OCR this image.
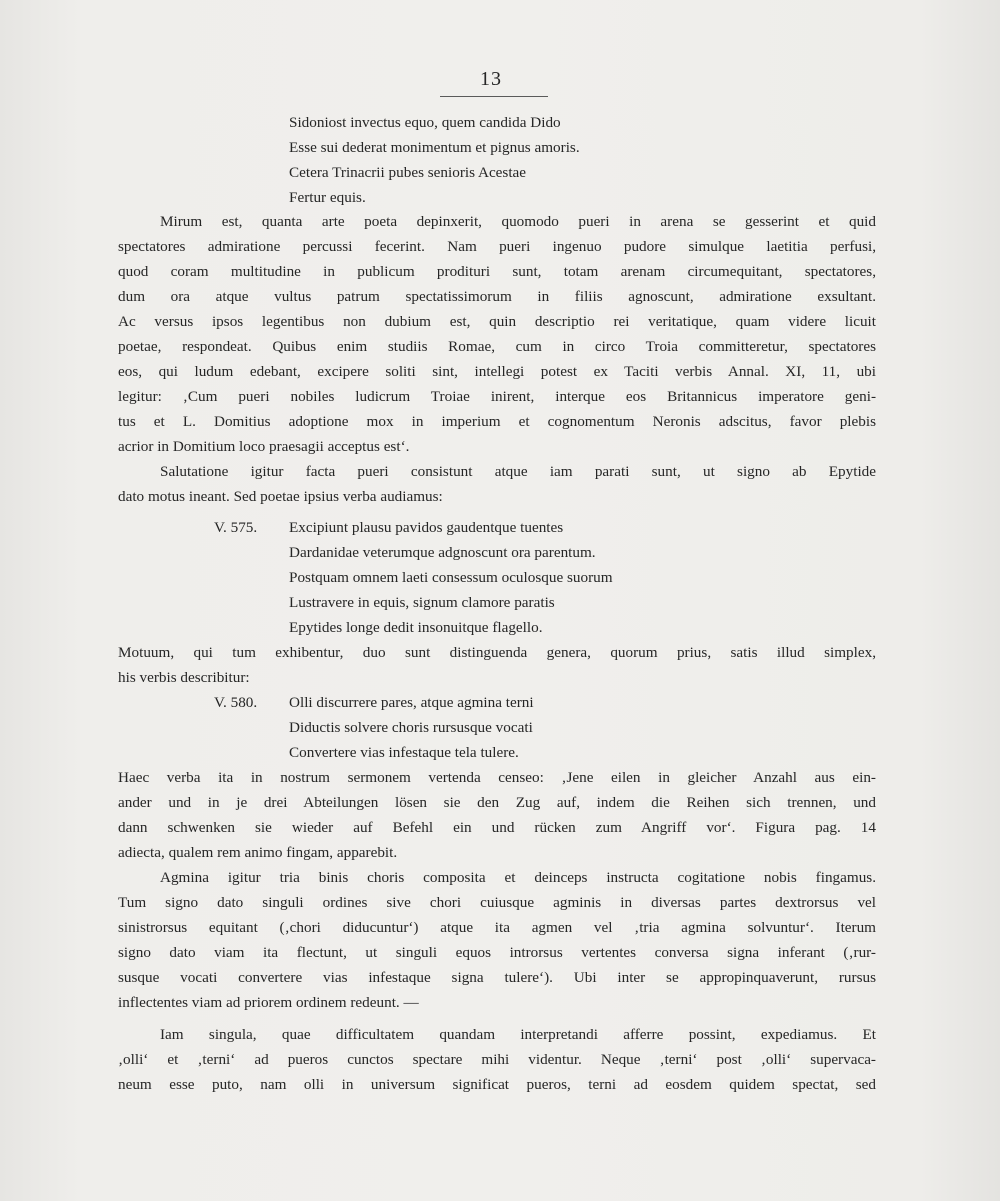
13
Sidoniost invectus equo, quem candida Dido
Esse sui dederat monimentum et pignus amoris.
Cetera Trinacrii pubes senioris Acestae
Fertur equis.
Mirum est, quanta arte poeta depinxerit, quomodo pueri in arena se gesserint et quid
spectatores admiratione percussi fecerint. Nam pueri ingenuo pudore simulque laetitia perfusi,
quod coram multitudine in publicum prodituri sunt, totam arenam circumequitant, spectatores,
dum ora atque vultus patrum spectatissimorum in filiis agnoscunt, admiratione exsultant.
Ac versus ipsos legentibus non dubium est, quin descriptio rei veritatique, quam videre licuit
poetae, respondeat. Quibus enim studiis Romae, cum in circo Troia committeretur, spectatores
eos, qui ludum edebant, excipere soliti sint, intellegi potest ex Taciti verbis Annal. XI, 11, ubi
legitur: ‚Cum pueri nobiles ludicrum Troiae inirent, interque eos Britannicus imperatore geni-
tus et L. Domitius adoptione mox in imperium et cognomentum Neronis adscitus, favor plebis
acrior in Domitium loco praesagii acceptus est‘.
Salutatione igitur facta pueri consistunt atque iam parati sunt, ut signo ab Epytide
dato motus ineant. Sed poetae ipsius verba audiamus:
V. 575. Excipiunt plausu pavidos gaudentque tuentes
Dardanidae veterumque adgnoscunt ora parentum.
Postquam omnem laeti consessum oculosque suorum
Lustravere in equis, signum clamore paratis
Epytides longe dedit insonuitque flagello.
Motuum, qui tum exhibentur, duo sunt distinguenda genera, quorum prius, satis illud simplex,
his verbis describitur:
V. 580. Olli discurrere pares, atque agmina terni
Diductis solvere choris rursusque vocati
Convertere vias infestaque tela tulere.
Haec verba ita in nostrum sermonem vertenda censeo: ‚Jene eilen in gleicher Anzahl aus ein-
ander und in je drei Abteilungen lösen sie den Zug auf, indem die Reihen sich trennen, und
dann schwenken sie wieder auf Befehl ein und rücken zum Angriff vor‘. Figura pag. 14
adiecta, qualem rem animo fingam, apparebit.
Agmina igitur tria binis choris composita et deinceps instructa cogitatione nobis fingamus.
Tum signo dato singuli ordines sive chori cuiusque agminis in diversas partes dextrorsus vel
sinistrorsus equitant (‚chori diducuntur‘) atque ita agmen vel ‚tria agmina solvuntur‘. Iterum
signo dato viam ita flectunt, ut singuli equos introrsus vertentes conversa signa inferant (‚rur-
susque vocati convertere vias infestaque signa tulere‘). Ubi inter se appropinquaverunt, rursus
inflectentes viam ad priorem ordinem redeunt. —
Iam singula, quae difficultatem quandam interpretandi afferre possint, expediamus. Et
‚olli‘ et ‚terni‘ ad pueros cunctos spectare mihi videntur. Neque ‚terni‘ post ‚olli‘ supervaca-
neum esse puto, nam olli in universum significat pueros, terni ad eosdem quidem spectat, sed
